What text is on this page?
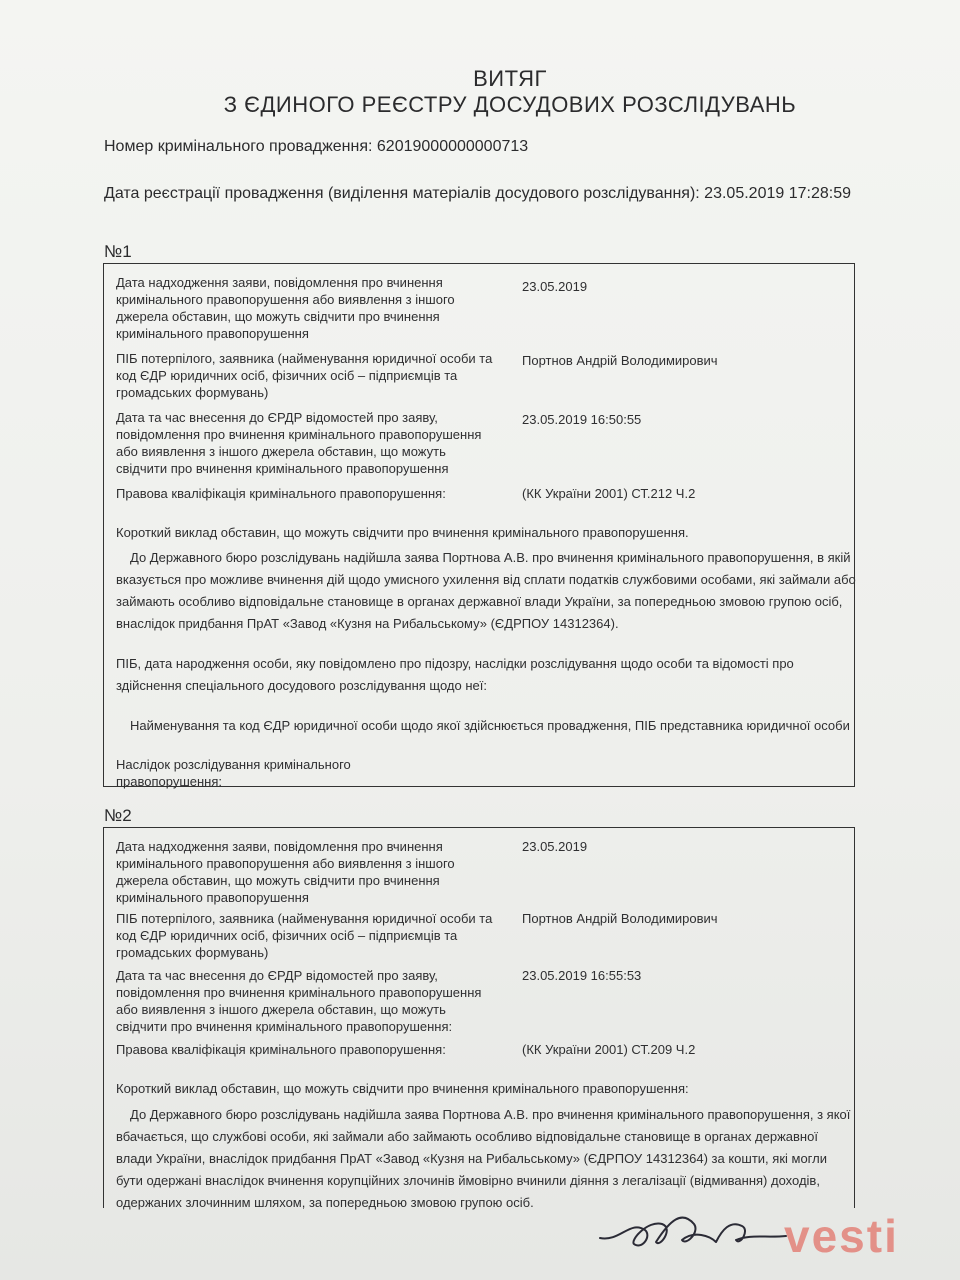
ВИТЯГ
З ЄДИНОГО РЕЄСТРУ ДОСУДОВИХ РОЗСЛІДУВАНЬ
Номер кримінального провадження: 62019000000000713
Дата реєстрації провадження (виділення матеріалів досудового розслідування): 23.05.2019 17:28:59
№1
Дата надходження заяви, повідомлення про вчинення кримінального правопорушення або виявлення з іншого джерела обставин, що можуть свідчити про вчинення кримінального правопорушення
23.05.2019
ПІБ потерпілого, заявника (найменування юридичної особи та код ЄДР юридичних осіб, фізичних осіб – підприємців та громадських формувань)
Портнов Андрій Володимирович
Дата та час внесення до ЄРДР відомостей про заяву, повідомлення про вчинення кримінального правопорушення або виявлення з іншого джерела обставин, що можуть свідчити про вчинення кримінального правопорушення
23.05.2019 16:50:55
Правова кваліфікація кримінального правопорушення:	(КК України 2001) СТ.212 Ч.2
Короткий виклад обставин, що можуть свідчити про вчинення кримінального правопорушення.
До Державного бюро розслідувань надійшла заява Портнова А.В. про вчинення кримінального правопорушення, в якій вказується про можливе вчинення дій щодо умисного ухилення від сплати податків службовими особами, які займали або займають особливо відповідальне становище в органах державної влади України, за попередньою змовою групою осіб, внаслідок придбання ПрАТ «Завод «Кузня на Рибальському» (ЄДРПОУ 14312364).
ПІБ, дата народження особи, яку повідомлено про підозру, наслідки розслідування щодо особи та відомості про здійснення спеціального досудового розслідування щодо неї:
Найменування та код ЄДР юридичної особи щодо якої здійснюється провадження, ПІБ представника юридичної особи
Наслідок розслідування кримінального правопорушення:
№2
Дата надходження заяви, повідомлення про вчинення кримінального правопорушення або виявлення з іншого джерела обставин, що можуть свідчити про вчинення кримінального правопорушення
23.05.2019
ПІБ потерпілого, заявника (найменування юридичної особи та код ЄДР юридичних осіб, фізичних осіб – підприємців та громадських формувань)
Портнов Андрій Володимирович
Дата та час внесення до ЄРДР відомостей про заяву, повідомлення про вчинення кримінального правопорушення або виявлення з іншого джерела обставин, що можуть свідчити про вчинення кримінального правопорушення:
23.05.2019 16:55:53
Правова кваліфікація кримінального правопорушення:	(КК України 2001) СТ.209 Ч.2
Короткий виклад обставин, що можуть свідчити про вчинення кримінального правопорушення:
До Державного бюро розслідувань надійшла заява Портнова А.В. про вчинення кримінального правопорушення, з якої вбачається, що службові особи, які займали або займають особливо відповідальне становище в органах державної влади України, внаслідок придбання ПрАТ «Завод «Кузня на Рибальському» (ЄДРПОУ 14312364) за кошти, які могли бути одержані внаслідок вчинення корупційних злочинів ймовірно вчинили діяння з легалізації (відмивання) доходів, одержаних злочинним шляхом, за попередньою змовою групою осіб.
vesti
